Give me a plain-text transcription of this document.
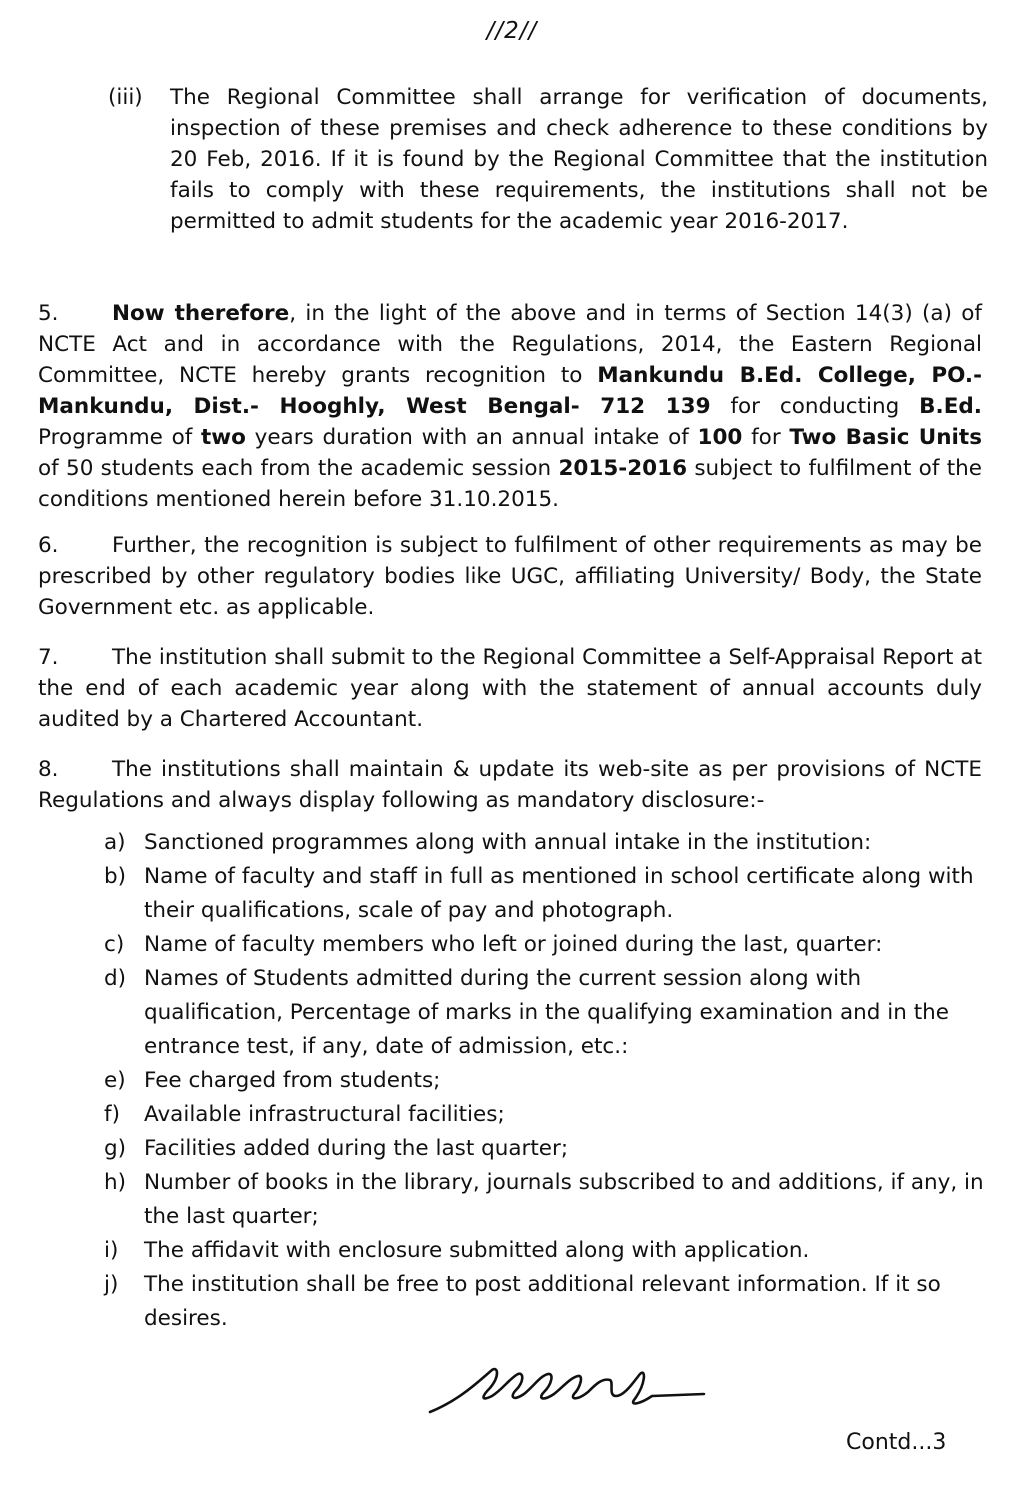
//2//
(iii)	The Regional Committee shall arrange for verification of documents, inspection of these premises and check adherence to these conditions by 20 Feb, 2016. If it is found by the Regional Committee that the institution fails to comply with these requirements, the institutions shall not be permitted to admit students for the academic year 2016-2017.
5. Now therefore, in the light of the above and in terms of Section 14(3) (a) of NCTE Act and in accordance with the Regulations, 2014, the Eastern Regional Committee, NCTE hereby grants recognition to Mankundu B.Ed. College, PO.- Mankundu, Dist.- Hooghly, West Bengal- 712 139 for conducting B.Ed. Programme of two years duration with an annual intake of 100 for Two Basic Units of 50 students each from the academic session 2015-2016 subject to fulfilment of the conditions mentioned herein before 31.10.2015.
6. Further, the recognition is subject to fulfilment of other requirements as may be prescribed by other regulatory bodies like UGC, affiliating University/ Body, the State Government etc. as applicable.
7. The institution shall submit to the Regional Committee a Self-Appraisal Report at the end of each academic year along with the statement of annual accounts duly audited by a Chartered Accountant.
8. The institutions shall maintain & update its web-site as per provisions of NCTE Regulations and always display following as mandatory disclosure:-
a) Sanctioned programmes along with annual intake in the institution:
b) Name of faculty and staff in full as mentioned in school certificate along with their qualifications, scale of pay and photograph.
c) Name of faculty members who left or joined during the last, quarter:
d) Names of Students admitted during the current session along with qualification, Percentage of marks in the qualifying examination and in the entrance test, if any, date of admission, etc.:
e) Fee charged from students;
f)	Available infrastructural facilities;
g) Facilities added during the last quarter;
h) Number of books in the library, journals subscribed to and additions, if any, in the last quarter;
i)	The affidavit with enclosure submitted along with application.
j)	The institution shall be free to post additional relevant information. If it so desires.
Contd...3
